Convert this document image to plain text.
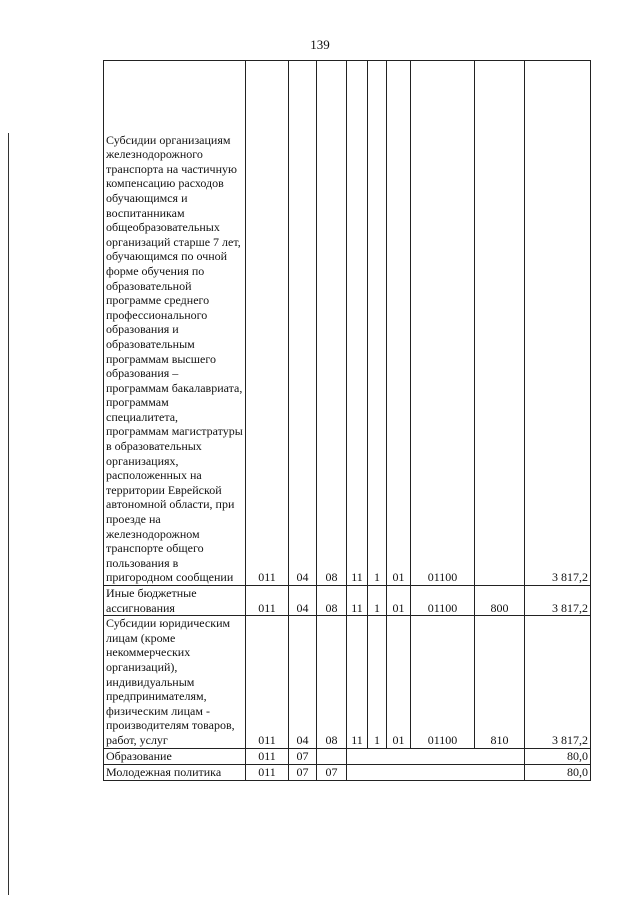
139
Субсидии организациям железнодорожного транспорта на частичную компенсацию расходов обучающимся и воспитанникам общеобразовательных организаций старше 7 лет, обучающимся по очной форме обучения по образовательной программе среднего профессионального образования и образовательным программам высшего образования – программам бакалавриата, программам специалитета, программам магистратуры в образовательных организациях, расположенных на территории Еврейской автономной области, при проезде на железнодорожном транспорте общего пользования в пригородном сообщении	011	04	08	11	1	01	01100		3 817,2
Иные бюджетные ассигнования	011	04	08	11	1	01	01100	800	3 817,2
Субсидии юридическим лицам (кроме некоммерческих организаций), индивидуальным предпринимателям, физическим лицам - производителям товаров, работ, услуг	011	04	08	11	1	01	01100	810	3 817,2
Образование	011	07							80,0
Молодежная политика	011	07	07						80,0
